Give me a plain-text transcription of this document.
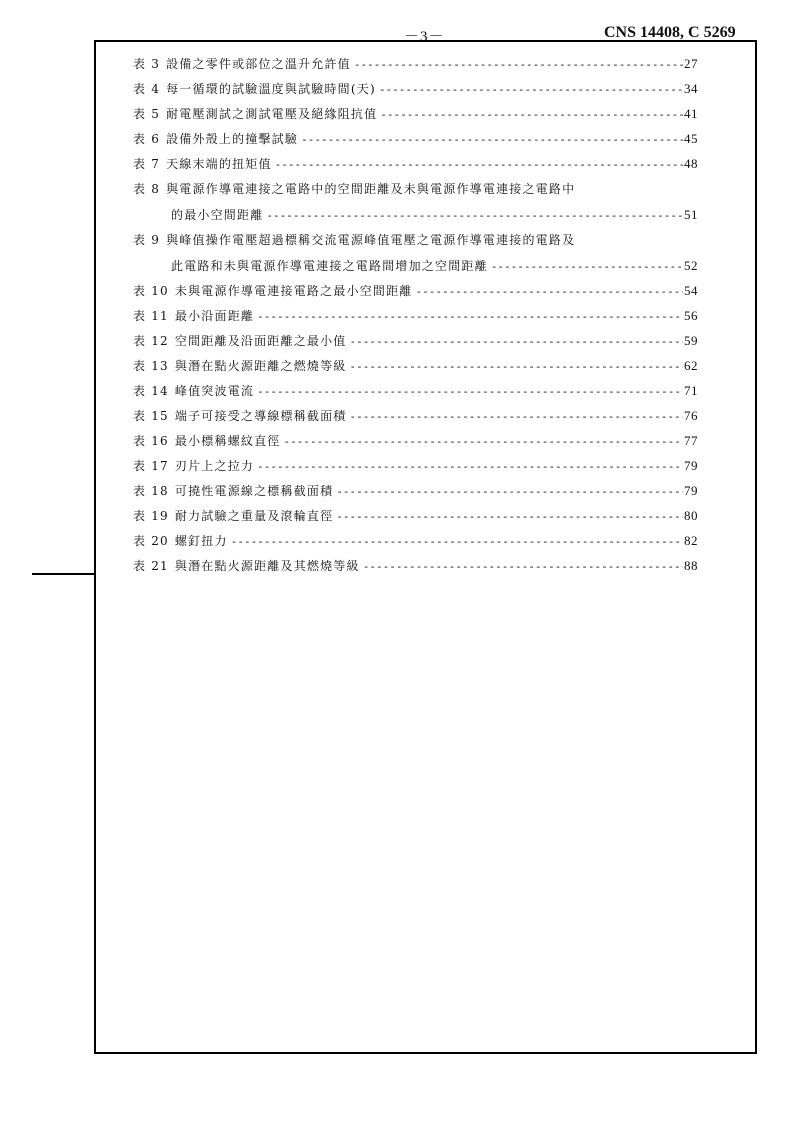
－3－	CNS 14408, C 5269
表 3 設備之零件或部位之溫升允許值 -----	27
表 4 每一循環的試驗溫度與試驗時間(天) -----	34
表 5 耐電壓測試之測試電壓及絕緣阻抗值 -----	41
表 6 設備外殼上的撞擊試驗 -----	45
表 7 天線末端的扭矩值 -----	48
表 8 與電源作導電連接之電路中的空間距離及未與電源作導電連接之電路中
的最小空間距離 -----	51
表 9 與峰值操作電壓超過標稱交流電源峰值電壓之電源作導電連接的電路及
此電路和未與電源作導電連接之電路間增加之空間距離 -----	52
表 10 未與電源作導電連接電路之最小空間距離 -----	54
表 11 最小沿面距離 -----	56
表 12 空間距離及沿面距離之最小值 -----	59
表 13 與潛在點火源距離之燃燒等級 -----	62
表 14 峰值突波電流 -----	71
表 15 端子可接受之導線標稱截面積 -----	76
表 16 最小標稱螺紋直徑 -----	77
表 17 刃片上之拉力 -----	79
表 18 可撓性電源線之標稱截面積 -----	79
表 19 耐力試驗之重量及滾輪直徑 -----	80
表 20 螺釘扭力 -----	82
表 21 與潛在點火源距離及其燃燒等級 -----	88
